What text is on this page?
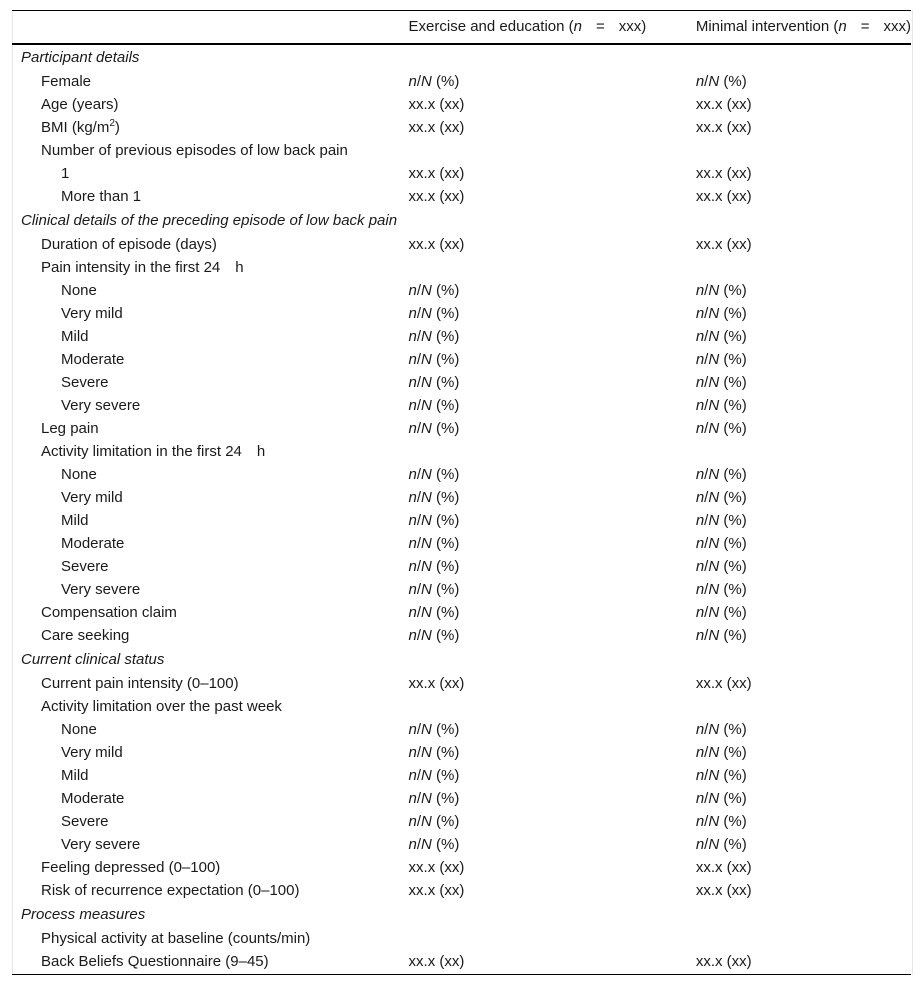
	Exercise and education (n = xxx)	Minimal intervention (n = xxx)
Participant details		
Female	n/N (%)	n/N (%)
Age (years)	xx.x (xx)	xx.x (xx)
BMI $(kg/m^2)$	xx.x (xx)	xx.x (xx)
Number of previous episodes of low back pain		
1	xx.x (xx)	xx.x (xx)
More than 1	xx.x (xx)	xx.x (xx)
Clinical details of the preceding episode of low back pain		
Duration of episode (days)	xx.x (xx)	xx.x (xx)
Pain intensity in the first 24 h		
None	n/N (%)	n/N (%)
Very mild	n/N (%)	n/N (%)
Mild	n/N (%)	n/N (%)
Moderate	n/N (%)	n/N (%)
Severe	n/N (%)	n/N (%)
Very severe	n/N (%)	n/N (%)
Leg pain	n/N (%)	n/N (%)
Activity limitation in the first 24 h		
None	n/N (%)	n/N (%)
Very mild	n/N (%)	n/N (%)
Mild	n/N (%)	n/N (%)
Moderate	n/N (%)	n/N (%)
Severe	n/N (%)	n/N (%)
Very severe	n/N (%)	n/N (%)
Compensation claim	n/N (%)	n/N (%)
Care seeking	n/N (%)	n/N (%)
Current clinical status		
Current pain intensity (0–100)	xx.x (xx)	xx.x (xx)
Activity limitation over the past week		
None	n/N (%)	n/N (%)
Very mild	n/N (%)	n/N (%)
Mild	n/N (%)	n/N (%)
Moderate	n/N (%)	n/N (%)
Severe	n/N (%)	n/N (%)
Very severe	n/N (%)	n/N (%)
Feeling depressed (0–100)	xx.x (xx)	xx.x (xx)
Risk of recurrence expectation (0–100)	xx.x (xx)	xx.x (xx)
Process measures		
Physical activity at baseline (counts/min)		
Back Beliefs Questionnaire (9–45)	xx.x (xx)	xx.x (xx)
